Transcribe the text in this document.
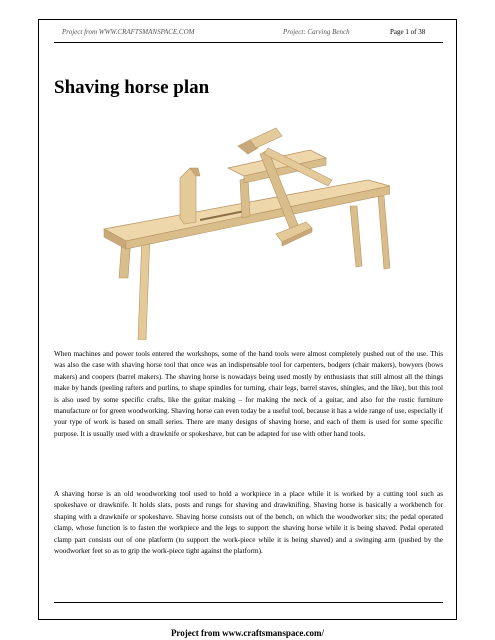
Project from WWW.CRAFTSMANSPACE.COM	Project: Carving Bench	Page 1 of 38
Shaving horse plan

When machines and power tools entered the workshops, some of the hand tools were almost completely pushed out of the use. This was also the case with shaving horse tool that once was an indispensable tool for carpenters, bodgers (chair makers), bowyers (bows makers) and coopers (barrel makers). The shaving horse is nowadays being used mostly by enthusiasts that still almost all the things make by hands (peeling rafters and purlins, to shape spindles for turning, chair legs, barrel staves, shingles, and the like), but this tool is also used by some specific crafts, like the guitar making – for making the neck of a guitar, and also for the rustic furniture manufacture or for green woodworking. Shaving horse can even today be a useful tool, because it has a wide range of use, especially if your type of work is based on small series. There are many designs of shaving horse, and each of them is used for some specific purpose. It is usually used with a drawknife or spokeshave, but can be adapted for use with other hand tools.

A shaving horse is an old woodworking tool used to hold a workpiece in a place while it is worked by a cutting tool such as spokeshave or drawknife. It holds slats, posts and rungs for shaving and drawknifing. Shaving horse is basically a workbench for shaping with a drawknife or spokeshave. Shaving horse consists out of the bench, on which the woodworker sits; the pedal operated clamp, whose function is to fasten the workpiece and the legs to support the shaving horse while it is being shaved. Pedal operated clamp part consists out of one platform (to support the work-piece while it is being shaved) and a swinging arm (pushed by the woodworker feet so as to grip the work-piece tight against the platform).

Project from www.craftsmanspace.com/
